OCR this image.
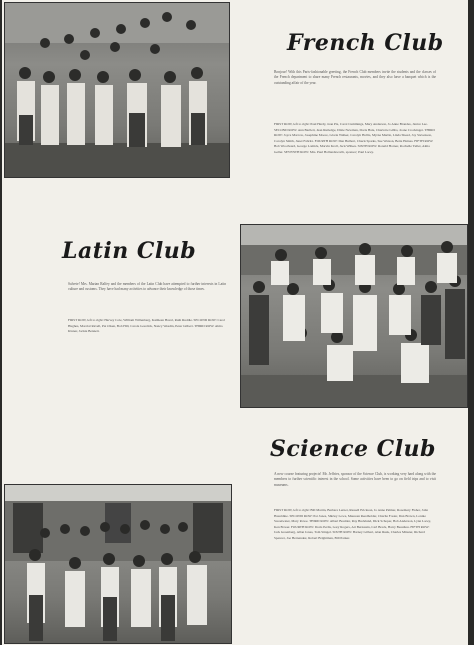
French Club
Bonjour! With this Paris-fashionable greeting, the French Club members invite the students and the classes of the French department to share many French restaurants, movies, and they also have a banquet which is the outstanding affair of the year.
FIRST ROW, left to right: Paul Hardy, Jean Pis, Carol Cummings, Mary Anderson, Jo Anne Brandes, Janice Lee. SECOND ROW: Ann Bartlett, Jean Rutledge, Dixie Newman, Doris Hale, Charlotte Gibbs, Joane Crockinger. THIRD ROW: Joyce Marrow, Josephine Moore, Gloria Walker, Carolyn Hollis, Myrna Martin, Linda Sheed, Joy Stevenson, Carolyn Smith, Janet Fabritz. FOURTH ROW: Dan Bulbert, Chuck Sparks, Sue Watson, Bette Haines. FIFTH ROW: Bob Woodward, George Lomick, Marvin Kroll, Jack Wilkes. SIXTH ROW: Ronald Horner, Rochelle Tuller, Alma Geller. SEVENTH ROW: Mrs. Paul Hollandsworth, sponsor; Paul Lacey.
Latin Club
Salvete! Mrs. Marian Ralfey and the members of the Latin Club have attempted to further interests in Latin culture and customs. They have had many activities to advance their knowledge of those times.
FIRST ROW, left to right: Harvey Cole, William Willenberg, Kathleen Havel, Ruth Ruddie. SECOND ROW: Carol Hughes, Marcial Ravell, Pat Olsen, Bob Hill, Carole Gorelick, Nancy Weedin, Peter Gilbert. THIRD ROW: Alma Klaner, Jackie Bennett.
Science Club
A new course featuring projects! Mr. Jeffries, sponsor of the Science Club, is working very hard along with the members to further scientific interest in the school. Some activities have been to go on field trips and to visit museums.
FIRST ROW, left to right: Bill Martin, Barbara Lerner, Russell Erickson, Jo Anne Palmer, Rosemary Fisher, John Hazeldine. SECOND ROW: Pat Jones, Shirley Lowe, Maureen Reedholder, Charlie Foster, Dan Brown, Lonnie Sweetwater, Mary Rowe. THIRD ROW: Albert Boulder, Ray Bucklund, Dick Schoper, Bob Anderson, Lynn Lacey, Ken Bower. FOURTH ROW: Doris Perlis, Gary Rogers, Art Bernstein, Carl Brack, Harry Beaulieu. FIFTH ROW: Jack Greenberg, Allan Jones, Tom Stingel. SIXTH ROW: Barney Gilbert, Alan Rusk, Charles Minster, Richard Spencer, Joe Hernandez, Robert Brightman, Bill Parker.
